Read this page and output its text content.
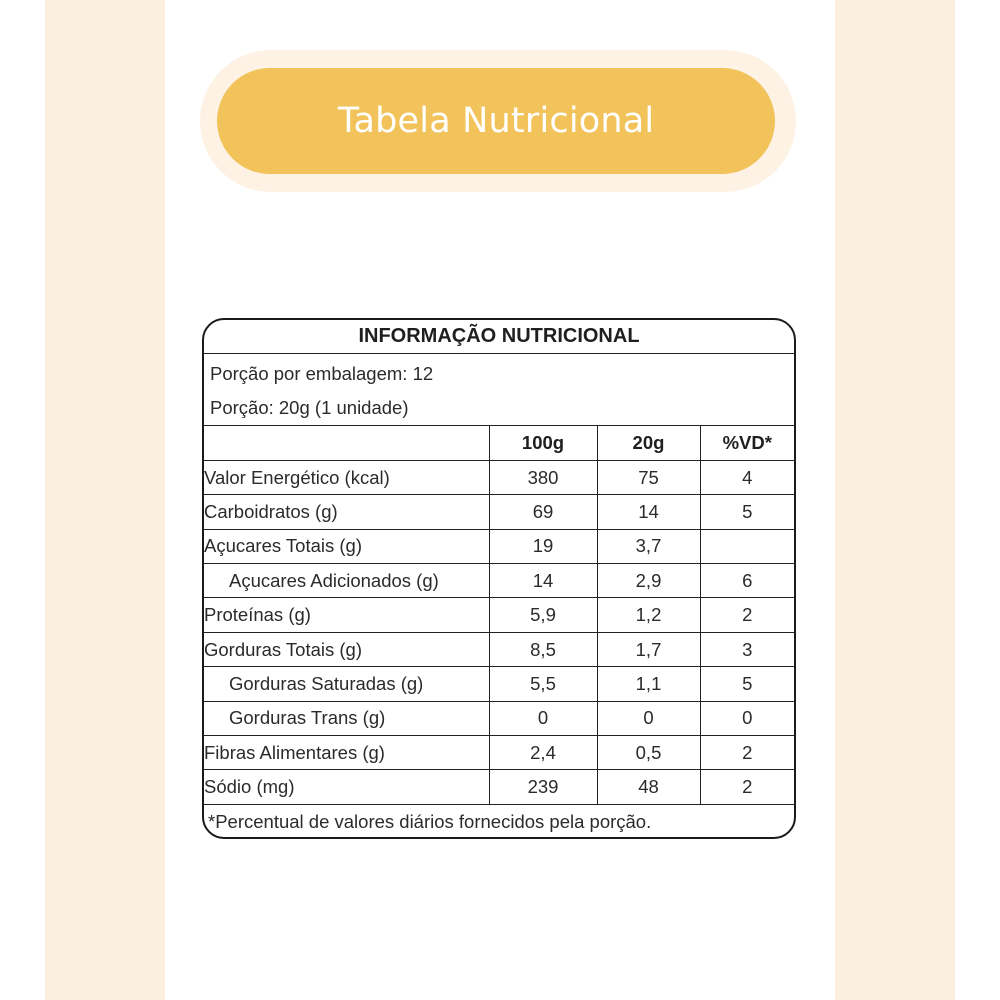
Tabela Nutricional
INFORMAÇÃO NUTRICIONAL
Porção por embalagem: 12
Porção: 20g (1 unidade)
	100g	20g	%VD*
Valor Energético (kcal)	380	75	4
Carboidratos (g)	69	14	5
Açucares Totais (g)	19	3,7	
Açucares Adicionados (g)	14	2,9	6
Proteínas (g)	5,9	1,2	2
Gorduras Totais (g)	8,5	1,7	3
Gorduras Saturadas (g)	5,5	1,1	5
Gorduras Trans (g)	0	0	0
Fibras Alimentares (g)	2,4	0,5	2
Sódio (mg)	239	48	2
*Percentual de valores diários fornecidos pela porção.
